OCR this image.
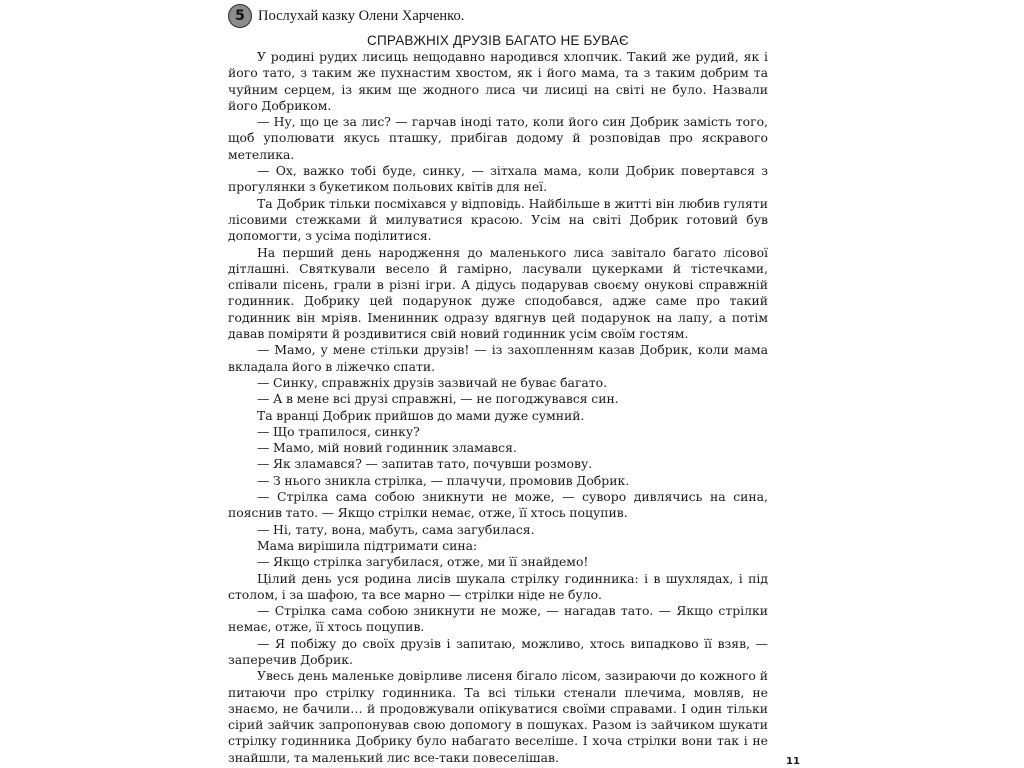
5 Послухай казку Олени Харченко.
СПРАВЖНІХ ДРУЗІВ БАГАТО НЕ БУВАЄ

У родині рудих лисиць нещодавно народився хлопчик. Такий же рудий, як і його тато, з таким же пухнастим хвостом, як і його мама, та з таким добрим та чуйним серцем, із яким ще жодного лиса чи лисиці на світі не було. Назвали його Добриком.

— Ну, що це за лис? — гарчав іноді тато, коли його син Добрик замість того, щоб уполювати якусь пташку, прибігав додому й розповідав про яскравого метелика.

— Ох, важко тобі буде, синку, — зітхала мама, коли Добрик повертався з прогулянки з букетиком польових квітів для неї.

Та Добрик тільки посміхався у відповідь. Найбільше в житті він любив гуляти лісовими стежками й милуватися красою. Усім на світі Добрик готовий був допомогти, з усіма поділитися.

На перший день народження до маленького лиса завітало багато лісової дітлашні. Святкували весело й гамірно, ласували цукерками й тістечками, співали пісень, грали в різні ігри. А дідусь подарував своєму онукові справжній годинник. Добрику цей подарунок дуже сподобався, адже саме про такий годинник він мріяв. Іменинник одразу вдягнув цей подарунок на лапу, а потім давав поміряти й роздивитися свій новий годинник усім своїм гостям.

— Мамо, у мене стільки друзів! — із захопленням казав Добрик, коли мама вкладала його в ліжечко спати.

— Синку, справжніх друзів зазвичай не буває багато.

— А в мене всі друзі справжні, — не погоджувався син.

Та вранці Добрик прийшов до мами дуже сумний.

— Що трапилося, синку?

— Мамо, мій новий годинник зламався.

— Як зламався? — запитав тато, почувши розмову.

— З нього зникла стрілка, — плачучи, промовив Добрик.

— Стрілка сама собою зникнути не може, — суворо дивлячись на сина, пояснив тато. — Якщо стрілки немає, отже, її хтось поцупив.

— Ні, тату, вона, мабуть, сама загубилася.

Мама вирішила підтримати сина:

— Якщо стрілка загубилася, отже, ми її знайдемо!

Цілий день уся родина лисів шукала стрілку годинника: і в шухлядах, і під столом, і за шафою, та все марно — стрілки ніде не було.

— Стрілка сама собою зникнути не може, — нагадав тато. — Якщо стрілки немає, отже, її хтось поцупив.

— Я побіжу до своїх друзів і запитаю, можливо, хтось випадково її взяв, — заперечив Добрик.

Увесь день маленьке довірливе лисеня бігало лісом, зазираючи до кожного й питаючи про стрілку годинника. Та всі тільки стенали плечима, мовляв, не знаємо, не бачили… й продовжували опікуватися своїми справами. І один тільки сірий зайчик запропонував свою допомогу в пошуках. Разом із зайчиком шукати стрілку годинника Добрику було набагато веселіше. І хоча стрілки вони так і не знайшли, та маленький лис все-таки повеселішав.	11
